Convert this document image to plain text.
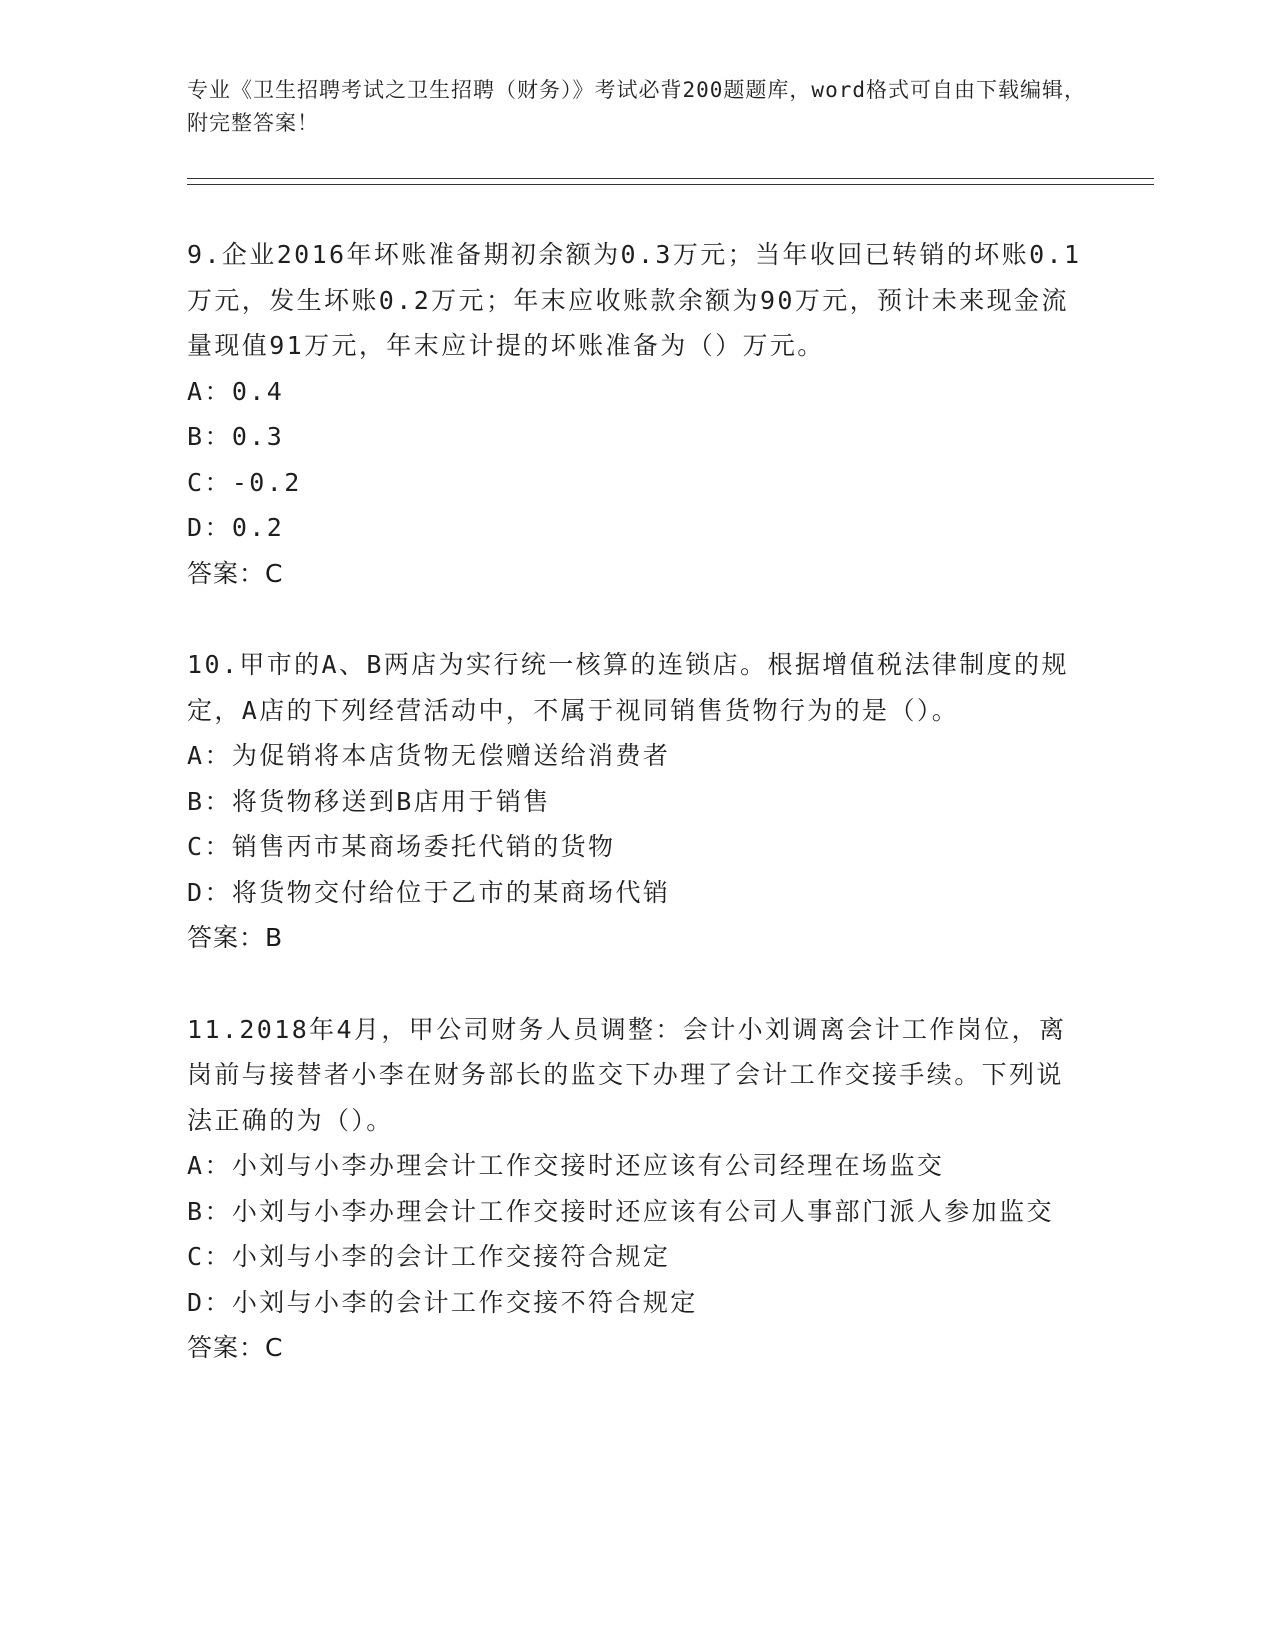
专业《卫生招聘考试之卫生招聘（财务）》考试必背200题题库，word格式可自由下载编辑，附完整答案！

9.企业2016年坏账准备期初余额为0.3万元；当年收回已转销的坏账0.1万元，发生坏账0.2万元；年末应收账款余额为90万元，预计未来现金流量现值91万元，年末应计提的坏账准备为（）万元。

A：0.4

B：0.3

C：-0.2

D：0.2

答案：C

10.甲市的A、B两店为实行统一核算的连锁店。根据增值税法律制度的规定，A店的下列经营活动中，不属于视同销售货物行为的是（）。

A：为促销将本店货物无偿赠送给消费者

B：将货物移送到B店用于销售

C：销售丙市某商场委托代销的货物

D：将货物交付给位于乙市的某商场代销

答案：B

11.2018年4月，甲公司财务人员调整：会计小刘调离会计工作岗位，离岗前与接替者小李在财务部长的监交下办理了会计工作交接手续。下列说法正确的为（）。

A：小刘与小李办理会计工作交接时还应该有公司经理在场监交

B：小刘与小李办理会计工作交接时还应该有公司人事部门派人参加监交

C：小刘与小李的会计工作交接符合规定

D：小刘与小李的会计工作交接不符合规定

答案：C
